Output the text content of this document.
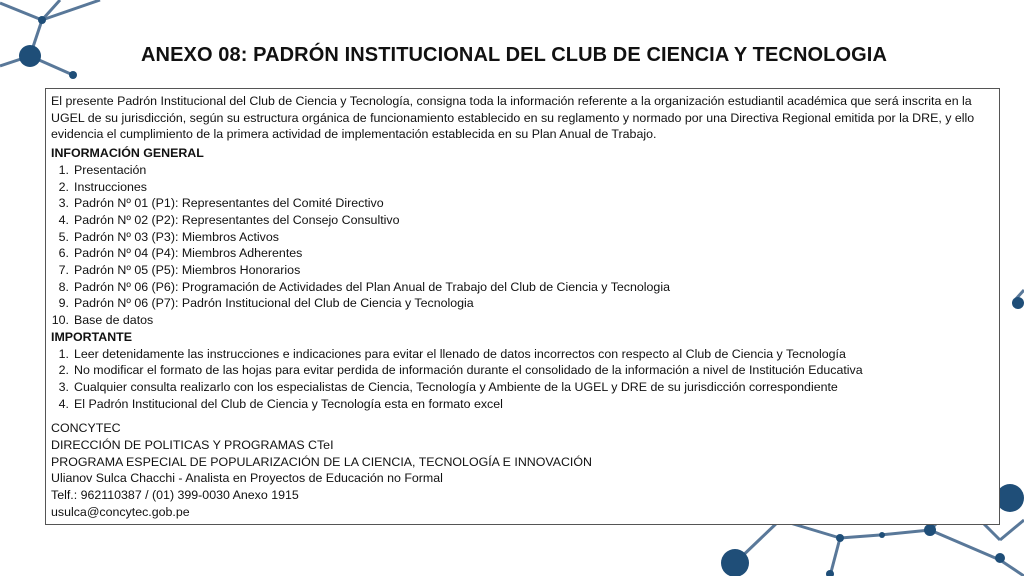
ANEXO 08: PADRÓN INSTITUCIONAL DEL CLUB DE CIENCIA Y TECNOLOGIA

El presente Padrón Institucional del Club de Ciencia y Tecnología, consigna toda la información referente a la organización estudiantil académica que será inscrita en la UGEL de su jurisdicción, según su estructura orgánica de funcionamiento establecido en su reglamento y normado por una Directiva Regional emitida por la DRE, y ello evidencia el cumplimiento de la primera actividad de implementación establecida en su Plan Anual de Trabajo.

INFORMACIÓN GENERAL

1. Presentación
2. Instrucciones
3. Padrón Nº 01 (P1): Representantes del Comité Directivo
4. Padrón Nº 02 (P2): Representantes del Consejo Consultivo
5. Padrón Nº 03 (P3): Miembros Activos
6. Padrón Nº 04 (P4): Miembros Adherentes
7. Padrón Nº 05 (P5): Miembros Honorarios
8. Padrón Nº 06 (P6): Programación de Actividades del Plan Anual de Trabajo del Club de Ciencia y Tecnologia
9. Padrón Nº 06 (P7): Padrón Institucional del Club de Ciencia y Tecnologia
10. Base de datos

IMPORTANTE

1. Leer detenidamente las instrucciones e indicaciones para evitar el llenado de datos incorrectos con respecto al Club de Ciencia y Tecnología
2. No modificar el formato de las hojas para evitar perdida de información durante el consolidado de la información a nivel de Institución Educativa
3. Cualquier consulta realizarlo con los especialistas de Ciencia, Tecnología y Ambiente de la UGEL y DRE de su jurisdicción correspondiente
4. El Padrón Institucional del Club de Ciencia y Tecnología esta en formato excel
CONCYTEC
DIRECCIÓN DE POLITICAS Y PROGRAMAS CTeI
PROGRAMA ESPECIAL DE POPULARIZACIÓN DE LA CIENCIA, TECNOLOGÍA E INNOVACIÓN
Ulianov Sulca Chacchi - Analista en Proyectos de Educación no Formal
Telf.: 962110387 / (01) 399-0030 Anexo 1915
usulca@concytec.gob.pe
